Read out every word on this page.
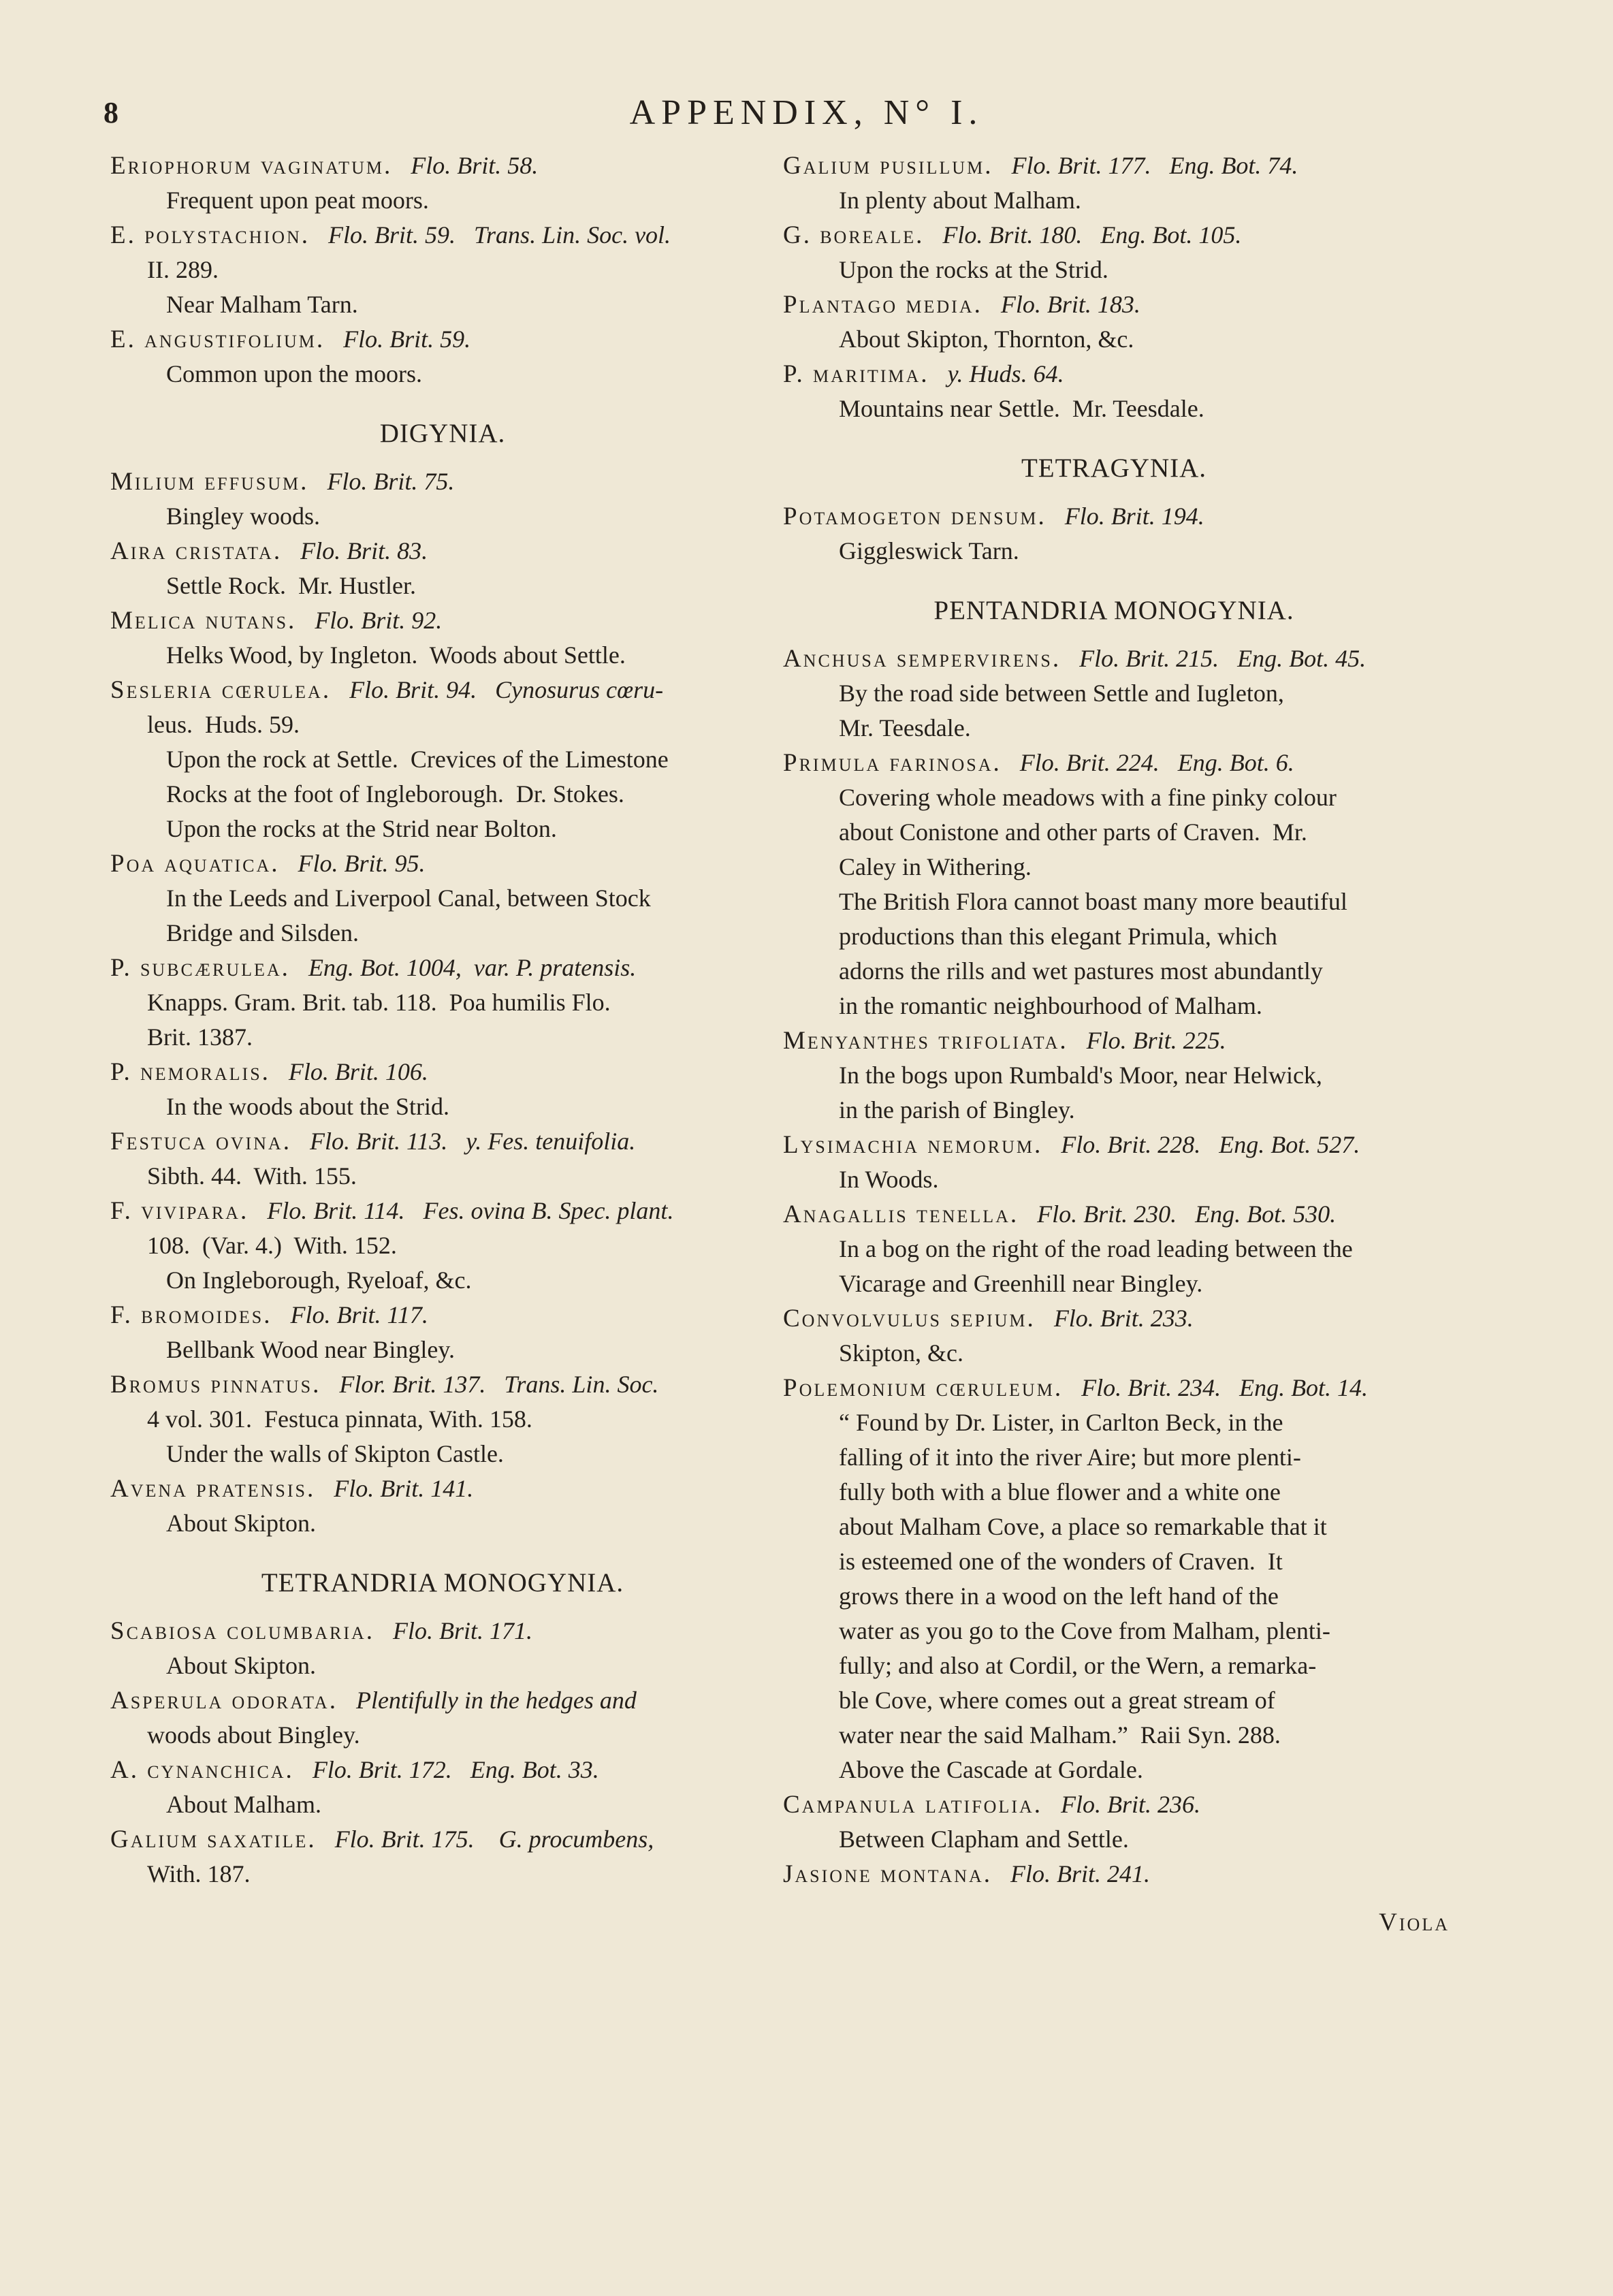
8	APPENDIX, N° I.
Eriophorum vaginatum.   Flo. Brit. 58.
Frequent upon peat moors.
E. polystachion.   Flo. Brit. 59.   Trans. Lin. Soc. vol.
II. 289.
Near Malham Tarn.
E. angustifolium.   Flo. Brit. 59.
Common upon the moors.
DIGYNIA.
Milium effusum.   Flo. Brit. 75.
Bingley woods.
Aira cristata.   Flo. Brit. 83.
Settle Rock.  Mr. Hustler.
Melica nutans.   Flo. Brit. 92.
Helks Wood, by Ingleton.  Woods about Settle.
Sesleria cœrulea.   Flo. Brit. 94.   Cynosurus cœru-
leus.  Huds. 59.
Upon the rock at Settle.  Crevices of the Limestone
Rocks at the foot of Ingleborough.  Dr. Stokes.
Upon the rocks at the Strid near Bolton.
Poa aquatica.   Flo. Brit. 95.
In the Leeds and Liverpool Canal, between Stock
Bridge and Silsden.
P. subcærulea.   Eng. Bot. 1004,  var. P. pratensis.
Knapps. Gram. Brit. tab. 118.  Poa humilis Flo.
Brit. 1387.
P. nemoralis.   Flo. Brit. 106.
In the woods about the Strid.
Festuca ovina.   Flo. Brit. 113.   y. Fes. tenuifolia.
Sibth. 44.  With. 155.
F. vivipara.   Flo. Brit. 114.   Fes. ovina B. Spec. plant.
108.  (Var. 4.)  With. 152.
On Ingleborough, Ryeloaf, &c.
F. bromoides.   Flo. Brit. 117.
Bellbank Wood near Bingley.
Bromus pinnatus.   Flor. Brit. 137.   Trans. Lin. Soc.
4 vol. 301.  Festuca pinnata, With. 158.
Under the walls of Skipton Castle.
Avena pratensis.   Flo. Brit. 141.
About Skipton.
TETRANDRIA MONOGYNIA.
Scabiosa columbaria.   Flo. Brit. 171.
About Skipton.
Asperula odorata.   Plentifully in the hedges and
woods about Bingley.
A. cynanchica.   Flo. Brit. 172.   Eng. Bot. 33.
About Malham.
Galium saxatile.   Flo. Brit. 175.    G. procumbens,
With. 187.
Galium pusillum.   Flo. Brit. 177.   Eng. Bot. 74.
In plenty about Malham.
G. boreale.   Flo. Brit. 180.   Eng. Bot. 105.
Upon the rocks at the Strid.
Plantago media.   Flo. Brit. 183.
About Skipton, Thornton, &c.
P. maritima.   y. Huds. 64.
Mountains near Settle.  Mr. Teesdale.
TETRAGYNIA.
Potamogeton densum.   Flo. Brit. 194.
Giggleswick Tarn.
PENTANDRIA MONOGYNIA.
Anchusa sempervirens.   Flo. Brit. 215.   Eng. Bot. 45.
By the road side between Settle and Iugleton,
Mr. Teesdale.
Primula farinosa.   Flo. Brit. 224.   Eng. Bot. 6.
Covering whole meadows with a fine pinky colour
about Conistone and other parts of Craven.  Mr.
Caley in Withering.
The British Flora cannot boast many more beautiful
productions than this elegant Primula, which
adorns the rills and wet pastures most abundantly
in the romantic neighbourhood of Malham.
Menyanthes trifoliata.   Flo. Brit. 225.
In the bogs upon Rumbald's Moor, near Helwick,
in the parish of Bingley.
Lysimachia nemorum.   Flo. Brit. 228.   Eng. Bot. 527.
In Woods.
Anagallis tenella.   Flo. Brit. 230.   Eng. Bot. 530.
In a bog on the right of the road leading between the
Vicarage and Greenhill near Bingley.
Convolvulus sepium.   Flo. Brit. 233.
Skipton, &c.
Polemonium cœruleum.   Flo. Brit. 234.   Eng. Bot. 14.
“ Found by Dr. Lister, in Carlton Beck, in the
falling of it into the river Aire; but more plenti-
fully both with a blue flower and a white one
about Malham Cove, a place so remarkable that it
is esteemed one of the wonders of Craven.  It
grows there in a wood on the left hand of the
water as you go to the Cove from Malham, plenti-
fully; and also at Cordil, or the Wern, a remarka-
ble Cove, where comes out a great stream of
water near the said Malham.”  Raii Syn. 288.
Above the Cascade at Gordale.
Campanula latifolia.   Flo. Brit. 236.
Between Clapham and Settle.
Jasione montana.   Flo. Brit. 241.
Viola
